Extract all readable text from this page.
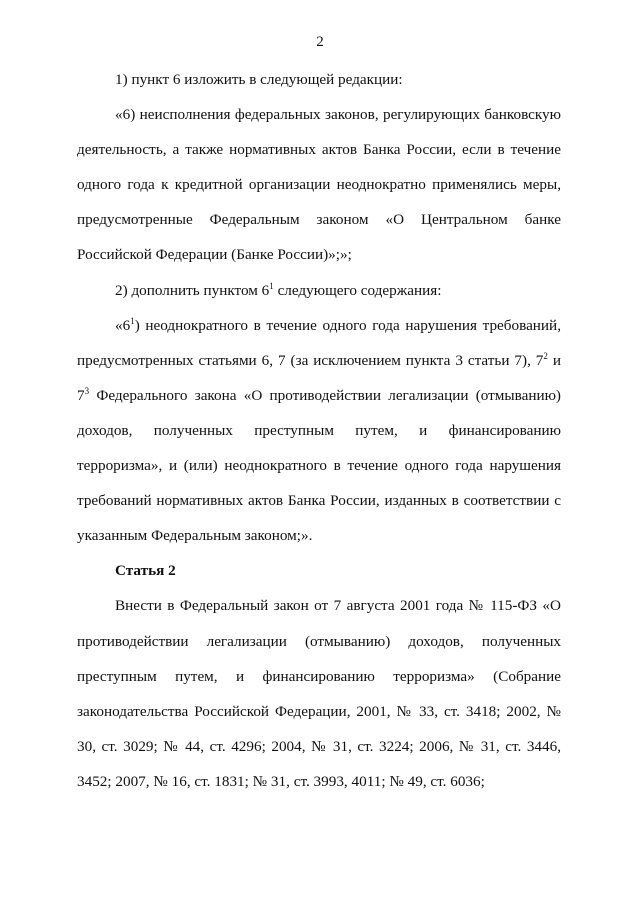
2

1) пункт 6 изложить в следующей редакции:

«6) неисполнения федеральных законов, регулирующих банковскую деятельность, а также нормативных актов Банка России, если в течение одного года к кредитной организации неоднократно применялись меры, предусмотренные Федеральным законом «О Центральном банке Российской Федерации (Банке России)»;»;

2) дополнить пунктом $6^1$ следующего содержания:

«$6^1$) неоднократного в течение одного года нарушения требований, предусмотренных статьями 6, 7 (за исключением пункта 3 статьи 7), $7^2$ и $7^3$ Федерального закона «О противодействии легализации (отмыванию) доходов, полученных преступным путем, и финансированию терроризма», и (или) неоднократного в течение одного года нарушения требований нормативных актов Банка России, изданных в соответствии с указанным Федеральным законом;».

Статья 2

Внести в Федеральный закон от 7 августа 2001 года № 115-ФЗ «О противодействии легализации (отмыванию) доходов, полученных преступным путем, и финансированию терроризма» (Собрание законодательства Российской Федерации, 2001, № 33, ст. 3418; 2002, № 30, ст. 3029; № 44, ст. 4296; 2004, № 31, ст. 3224; 2006, № 31, ст. 3446, 3452; 2007, № 16, ст. 1831; № 31, ст. 3993, 4011; № 49, ст. 6036;
